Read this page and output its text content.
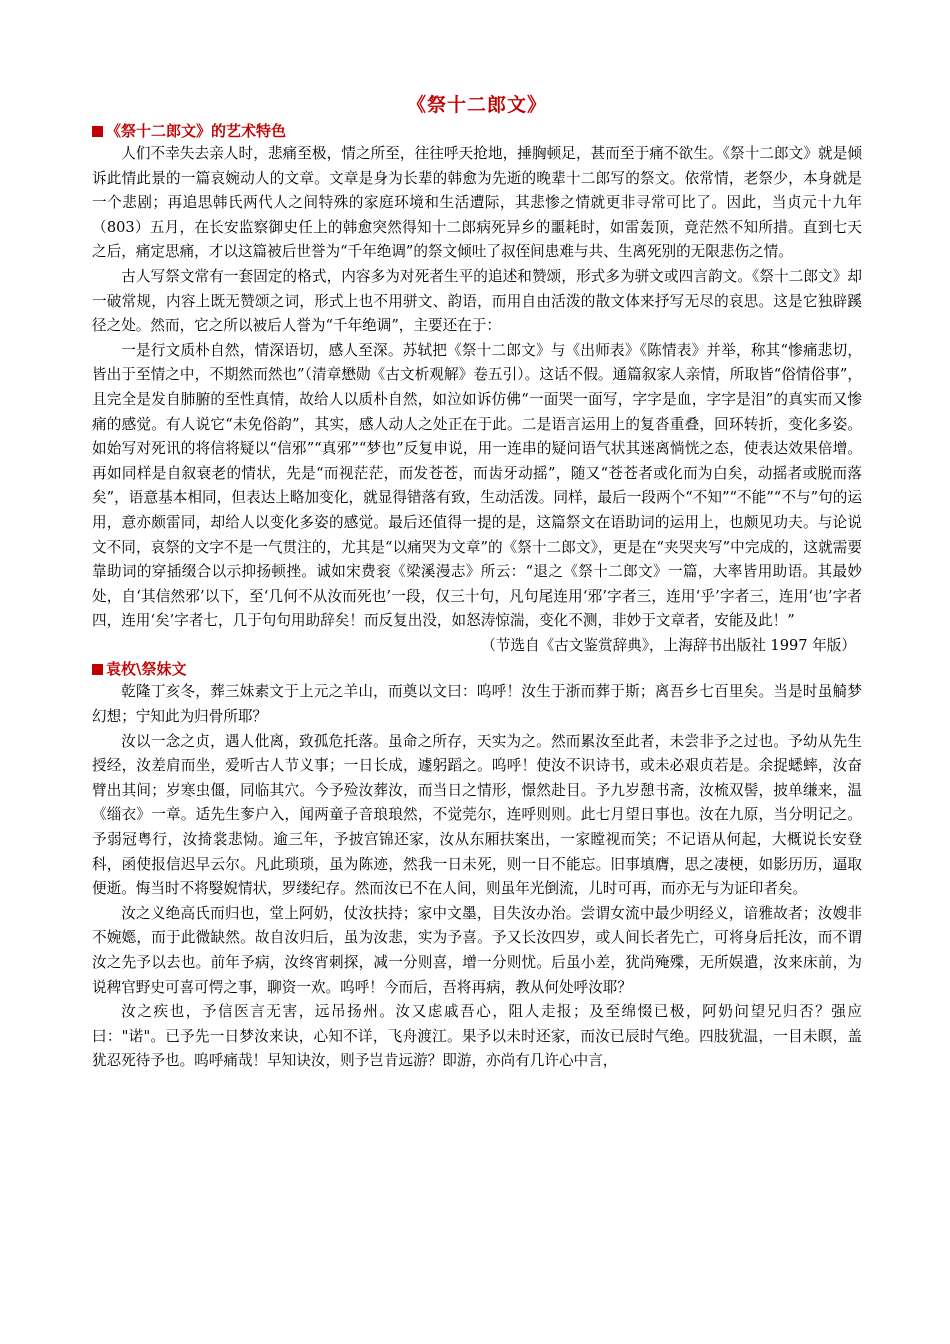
《祭十二郎文》
《祭十二郎文》的艺术特色

人们不幸失去亲人时，悲痛至极，情之所至，往往呼天抢地，捶胸顿足，甚而至于痛不欲生。《祭十二郎文》就是倾诉此情此景的一篇哀婉动人的文章。文章是身为长辈的韩愈为先逝的晚辈十二郎写的祭文。依常情，老祭少，本身就是一个悲剧；再追思韩氏两代人之间特殊的家庭环境和生活遭际，其悲惨之情就更非寻常可比了。因此，当贞元十九年（803）五月，在长安监察御史任上的韩愈突然得知十二郎病死异乡的噩耗时，如雷轰顶，竟茫然不知所措。直到七天之后，痛定思痛，才以这篇被后世誉为“千年绝调”的祭文倾吐了叔侄间患难与共、生离死别的无限悲伤之情。

古人写祭文常有一套固定的格式，内容多为对死者生平的追述和赞颂，形式多为骈文或四言韵文。《祭十二郎文》却一破常规，内容上既无赞颂之词，形式上也不用骈文、韵语，而用自由活泼的散文体来抒写无尽的哀思。这是它独辟蹊径之处。然而，它之所以被后人誉为“千年绝调”，主要还在于：

一是行文质朴自然，情深语切，感人至深。苏轼把《祭十二郎文》与《出师表》《陈情表》并举，称其“惨痛悲切，皆出于至情之中，不期然而然也”（清章懋勋《古文析观解》卷五引）。这话不假。通篇叙家人亲情，所取皆“俗情俗事”，且完全是发自肺腑的至性真情，故给人以质朴自然，如泣如诉仿佛“一面哭一面写，字字是血，字字是泪”的真实而又惨痛的感觉。有人说它“未免俗韵”，其实，感人动人之处正在于此。二是语言运用上的复沓重叠，回环转折，变化多姿。如始写对死讯的将信将疑以“信邪”“真邪”“梦也”反复申说，用一连串的疑问语气状其迷离惝恍之态，使表达效果倍增。再如同样是自叙衰老的情状，先是“而视茫茫，而发苍苍，而齿牙动摇”，随又“苍苍者或化而为白矣，动摇者或脱而落矣”，语意基本相同，但表达上略加变化，就显得错落有致，生动活泼。同样，最后一段两个“不知”“不能”“不与”句的运用，意亦颇雷同，却给人以变化多姿的感觉。最后还值得一提的是，这篇祭文在语助词的运用上，也颇见功夫。与论说文不同，哀祭的文字不是一气贯注的，尤其是“以痛哭为文章”的《祭十二郎文》，更是在“夹哭夹写”中完成的，这就需要靠助词的穿插缀合以示抑扬顿挫。诚如宋费衮《梁溪漫志》所云：“退之《祭十二郎文》一篇，大率皆用助语。其最妙处，自‘其信然邪’以下，至‘几何不从汝而死也’一段，仅三十句，凡句尾连用‘邪’字者三，连用‘乎’字者三，连用‘也’字者四，连用‘矣’字者七，几于句句用助辞矣！而反复出没，如怒涛惊湍，变化不测，非妙于文章者，安能及此！”

（节选自《古文鉴赏辞典》，上海辞书出版社 1997 年版）

袁枚\祭妹文

乾隆丁亥冬，葬三妹素文于上元之羊山，而奠以文曰：呜呼！汝生于浙而葬于斯；离吾乡七百里矣。当是时虽觭梦幻想；宁知此为归骨所耶？

汝以一念之贞，遇人仳离，致孤危托落。虽命之所存，天实为之。然而累汝至此者，未尝非予之过也。予幼从先生授经，汝差肩而坐，爱听古人节义事；一日长成，遽躬蹈之。呜呼！使汝不识诗书，或未必艰贞若是。余捉蟋蟀，汝奋臂出其间；岁寒虫僵，同临其穴。今予殓汝葬汝，而当日之情形，憬然赴目。予九岁憩书斋，汝梳双髻，披单缣来，温《缁衣》一章。适先生奓户入，闻两童子音琅琅然，不觉莞尔，连呼则则。此七月望日事也。汝在九原，当分明记之。予弱冠粤行，汝掎裳悲恸。逾三年，予披宫锦还家，汝从东厢扶案出，一家瞠视而笑；不记语从何起，大概说长安登科，函使报信迟早云尔。凡此琐琐，虽为陈迹，然我一日未死，则一日不能忘。旧事填膺，思之凄梗，如影历历，逼取便逝。悔当时不将嫛婗情状，罗缕纪存。然而汝已不在人间，则虽年光倒流，儿时可再，而亦无与为证印者矣。

汝之义绝高氏而归也，堂上阿奶，仗汝扶持；家中文墨，目失汝办治。尝谓女流中最少明经义，谙雅故者；汝嫂非不婉嫕，而于此微缺然。故自汝归后，虽为汝悲，实为予喜。予又长汝四岁，或人间长者先亡，可将身后托汝，而不谓汝之先予以去也。前年予病，汝终宵刺探，减一分则喜，增一分则忧。后虽小差，犹尚殗殜，无所娱遣，汝来床前，为说稗官野史可喜可愕之事，聊资一欢。呜呼！今而后，吾将再病，教从何处呼汝耶？

汝之疾也，予信医言无害，远吊扬州。汝又虑戚吾心，阻人走报；及至绵惙已极，阿奶问望兄归否？强应曰："诺"。已予先一日梦汝来诀，心知不详，飞舟渡江。果予以未时还家，而汝已辰时气绝。四肢犹温，一目未瞑，盖犹忍死待予也。呜呼痛哉！早知诀汝，则予岂肯远游？即游，亦尚有几许心中言，
